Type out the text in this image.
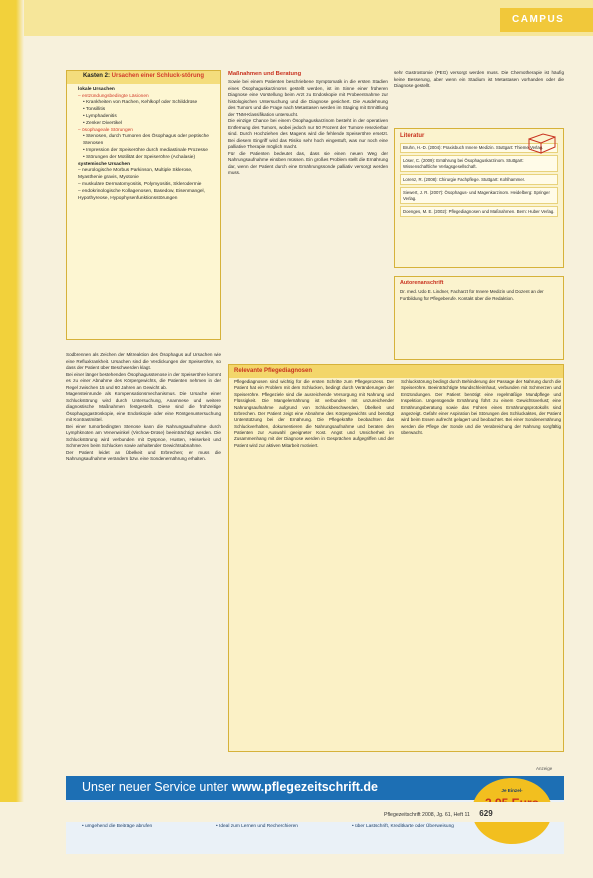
CAMPUS
Kasten 2: Ursachen einer Schluck-störung
lokale Ursachen
– entzündungsbedingte Läsionen
• Krankheiten von Rachen, Kehlkopf oder Schilddrüse
• Tonsillitis
• Lymphadenitis
• Zenker Divertikel
– ösophageale Störungen
• Stenosen, durch Tumoren des Ösophagus oder peptische Stenosen
• Impression der Speiseröhre durch mediastinale Prozesse
• Störungen der Motilität der Speiseröhre (Achalasie)
systemische Ursachen
– neurologische Morbus Parkinson, Multiple Sklerose, Myasthenie gravis, Myotonie
– muskuläre Dermatomyositis, Polymyositis, Sklerodermie
– endokrinologische Kollagenosen, Basedow, Eisenmangel, Hypothyreose, Hypophysenfunktionsstörungen

Sodbrennen als Zeichen der Mitreaktion des Ösophagus auf Ursachen wie eine Refluxkrankheit. Ursachen sind die Verdickungen der Speiseröhre, so dass der Patient über Beschwerden klagt.

Bei einer länger bestehenden Ösophagusstenose in der Speiseröhre kommt es zu einer Abnahme des Körpergewichts, die Patienten nehmen in der Regel zwischen 15 und 60 Jahren an Gewicht ab.

Magensteinrunde als Kompensationsmechanismus. Die Ursache einer Schluckstörung wird durch Untersuchung, Anamnese und weitere diagnostische Maßnahmen festgestellt. Diese sind die frühzeitige Ösophagogastroskopie, eine Endoskopie oder eine Röntgenuntersuchung mit Kontrastmittel.

Bei einer tumorbedingten Stenose kann die Nahrungsaufnahme durch Lymphknoten am Venenwinkel (Virchow-Drüse) beeinträchtigt werden. Die Schluckstörung wird verbunden mit Dyspnoe, Husten, Heiserkeit und Schmerzen beim Schlucken sowie anhaltender Gewichtsabnahme.

Der Patient leidet an Übelkeit und Erbrechen; er muss die Nahrungsaufnahme verändern bzw. eine Sondenernährung erhalten.

Maßnahmen und Beratung

Sowie bei einem Patienten beschriebene Symptomatik in die ersten Stadien eines Ösophaguskarzinoms gestellt werden, ist im Sinne einer früheren Diagnose eine Vorstellung beim Arzt zu Endoskopie mit Probeentnahme zur histologischen Untersuchung und die Diagnose gesichert. Die Ausdehnung des Tumors und die Frage nach Metastasen werden im Staging mit Ermittlung der TNM-Klassifikation untersucht.

Die einzige Chance bei einem Ösophaguskarzinom besteht in der operativen Entfernung des Tumors, wobei jedoch nur 50 Prozent der Tumore resezierbar sind. Durch Hochziehen des Magens wird die fehlende Speiseröhre ersetzt. Bei diesem Eingriff wird das Risiko sehr hoch eingestuft, was nur noch eine palliative Therapie möglich macht.

Für die Patienten bedeutet das, dass sie einen neuen Weg der Nahrungsaufnahme einüben müssen. Ein großes Problem stellt die Ernährung dar, wenn der Patient durch eine Ernährungssonde palliativ versorgt werden muss.

sehr Gastrostomie (PEG) versorgt werden muss. Die Chemotherapie ist häufig keine Besserung, aber wenn ein Stadium ist Metastasen vorhanden oder die Diagnose gestellt.

Literatur
Bruhn, H.-D. (2004): Praxisbuch Innere Medizin. Stuttgart: Thieme Verlag.
Löser, C. (2009): Ernährung bei Ösophaguskarzinom. Stuttgart: Wissenschaftliche Verlagsgesellschaft.
Lorenz, R. (2008): Chirurgie Fachpflege. Stuttgart: Kohlhammer.
Siewert, J. R. (2007): Ösophagus- und Magenkarzinom. Heidelberg: Springer Verlag.
Doenges, M. E. (2002): Pflegediagnosen und Maßnahmen. Bern: Huber Verlag.
Autorenanschrift
Dr. med. Udo E. Lindner, Facharzt für Innere Medizin und Dozent an der Fortbildung für Pflegeberufe. Kontakt über die Redaktion.
Relevante Pflegediagnosen
Pflegediagnosen sind wichtig für die ersten Schritte zum Pflegeprozess. Der Patient hat ein Problem mit dem Schlucken, bedingt durch Veränderungen der Speiseröhre. Pflegeziele sind die ausreichende Versorgung mit Nahrung und Flüssigkeit. Die Mangelernährung ist verbunden mit unzureichender Nahrungsaufnahme aufgrund von Schluckbeschwerden, Übelkeit und Erbrechen. Der Patient zeigt eine Abnahme des Körpergewichts und benötigt Unterstützung bei der Ernährung. Die Pflegekräfte beobachten das Schluckverhalten, dokumentieren die Nahrungsaufnahme und beraten den Patienten zur Auswahl geeigneter Kost. Angst und Unsicherheit im Zusammenhang mit der Diagnose werden in Gesprächen aufgegriffen und der Patient wird zur aktiven Mitarbeit motiviert.
Schluckstörung bedingt durch Behinderung der Passage der Nahrung durch die Speiseröhre. Beeinträchtigte Mundschleimhaut, verbunden mit Schmerzen und Entzündungen. Der Patient benötigt eine regelmäßige Mundpflege und Inspektion. Ungenügende Ernährung führt zu einem Gewichtsverlust; eine Ernährungsberatung sowie das Führen eines Ernährungsprotokolls sind angezeigt. Gefahr einer Aspiration bei Störungen des Schluckaktes, der Patient wird beim Essen aufrecht gelagert und beobachtet. Bei einer Sondenernährung werden die Pflege der Sonde und die Verabreichung der Nahrung sorgfältig überwacht.
Anzeige
Unser neuer Service unter www.pflegezeitschrift.de
• umgehend die Beiträge abrufen	• Ideal zum Lernen und Recherchieren	• über Lastschrift, Kreditkarte oder Überweisung
Je Einzel-
Pflegezeitschrift 2008, Jg. 61, Heft 11 629
